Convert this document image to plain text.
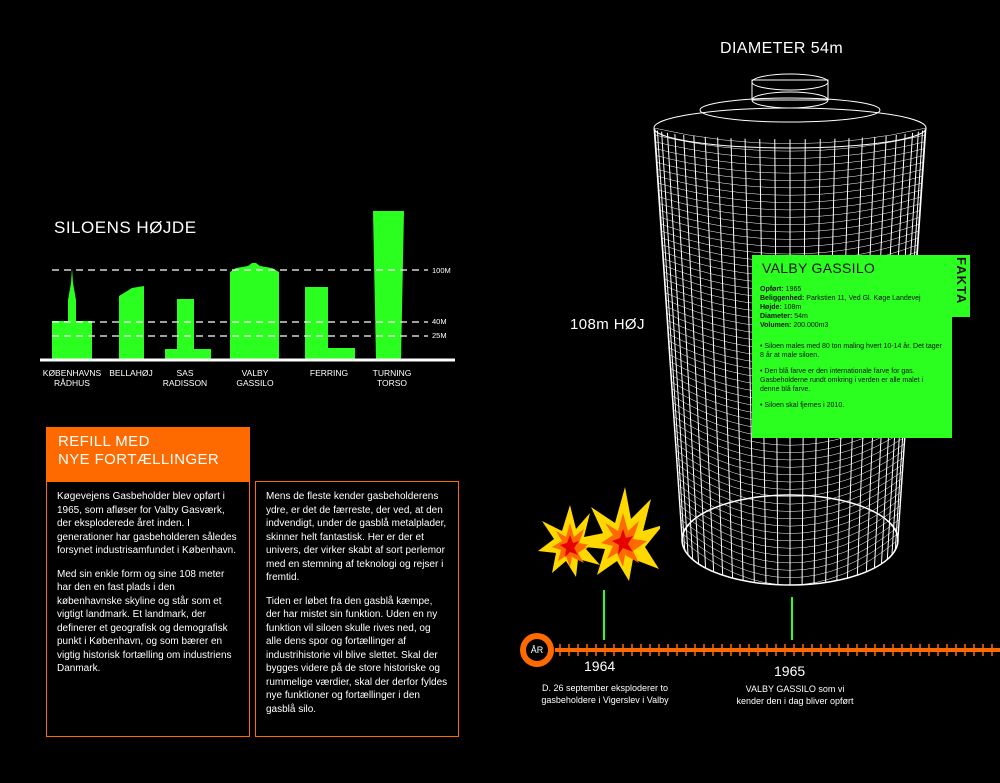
SILOENS HØJDE
100M
40M
25M
KØBENHAVNS
RÅDHUS
BELLAHØJ	SAS
RADISSON
VALBY
GASSILO
FERRING	TURNING
TORSO
REFILL MED
NYE FORTÆLLINGER

Køgevejens Gasbeholder blev opført i 1965, som afløser for Valby Gasværk, der eksploderede året inden. I generationer har gasbeholderen således forsynet industrisamfundet i København.

Med sin enkle form og sine 108 meter har den en fast plads i den københavnske skyline og står som et vigtigt landmark. Et landmark, der definerer et geografisk og demografisk punkt i København, og som bærer en vigtig historisk fortælling om industriens Danmark.

Mens de fleste kender gasbeholderens ydre, er det de færreste, der ved, at den indvendigt, under de gasblå metalplader, skinner helt fantastisk. Her er der et univers, der virker skabt af sort perlemor med en stemning af teknologi og rejser i fremtid.

Tiden er løbet fra den gasblå kæmpe, der har mistet sin funktion. Uden en ny funktion vil siloen skulle rives ned, og alle dens spor og fortællinger af industrihistorie vil blive slettet. Skal der bygges videre på de store historiske og rummelige værdier, skal der derfor fyldes nye funktioner og fortællinger i den gasblå silo.

DIAMETER 54m
108m HØJ
VALBY GASSILO
Opført: 1965
Beliggenhed: Parkstien 11, Ved Gl. Køge Landevej
Højde: 108m
Diameter: 54m
Volumen: 200.000m3
• Siloen males med 80 ton maling hvert 10-14 år. Det tager 8 år at male siloen.
• Den blå farve er den internationale farve for gas. Gasbeholderne rundt omkring i verden er alle malet i denne blå farve.
• Siloen skal fjernes i 2010.
FAKTA
ÅR
1964
D. 26 september eksploderer to
gasbeholdere i Vigerslev i Valby
1965
VALBY GASSILO som vi
kender den i dag bliver opført
